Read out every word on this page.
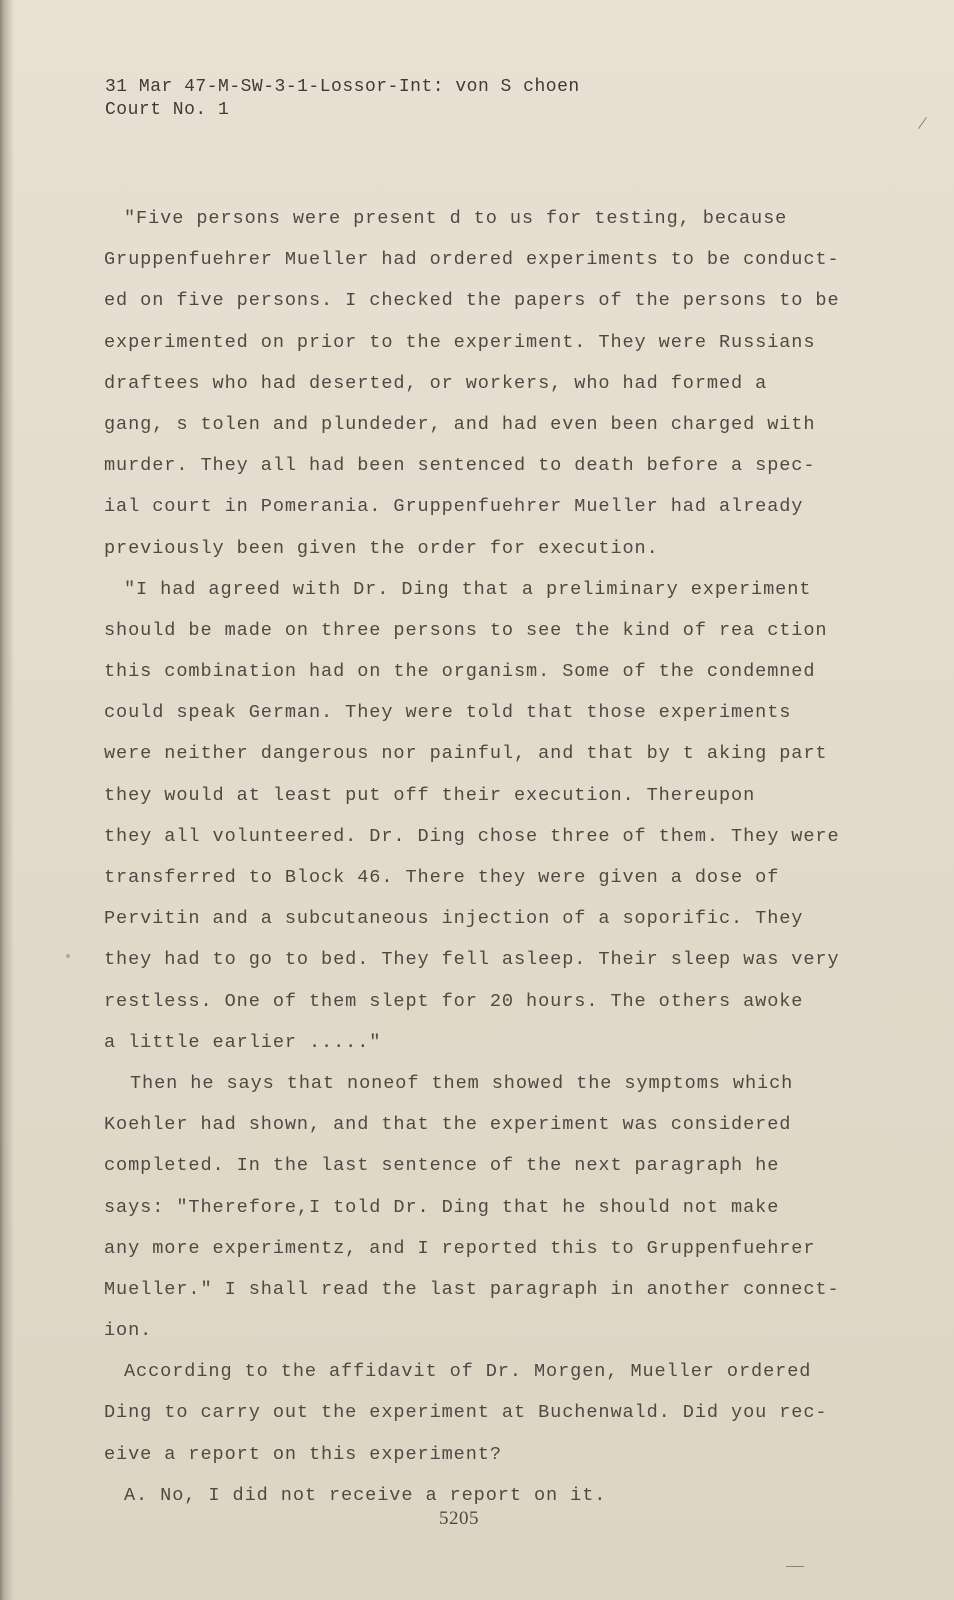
31 Mar 47-M-SW-3-1-Lossor-Int: von S choen
Court No. 1
"Five persons were present d to us for testing, because
Gruppenfuehrer Mueller had ordered experiments to be conduct-
ed on five persons. I checked the papers of the persons to be
experimented on prior to the experiment. They were Russians
draftees who had deserted, or workers, who had formed a
gang, s tolen and plundeder, and had even been charged with
murder. They all had been sentenced to death before a spec-
ial court in Pomerania. Gruppenfuehrer Mueller had already
previously been given the order for execution.
"I had agreed with Dr. Ding that a preliminary experiment
should be made on three persons to see the kind of rea ction
this combination had on the organism. Some of the condemned
could speak German. They were told that those experiments
were neither dangerous nor painful, and that by t aking part
they would at least put off their execution. Thereupon
they all volunteered. Dr. Ding chose three of them. They were
transferred to Block 46. There they were given a dose of
Pervitin and a subcutaneous injection of a soporific. They
they had to go to bed. They fell asleep. Their sleep was very
restless. One of them slept for 20 hours. The others awoke
a little earlier ....."
Then he says that noneof them showed the symptoms which
Koehler had shown, and that the experiment was considered
completed. In the last sentence of the next paragraph he
says: "Therefore,I told Dr. Ding that he should not make
any more experimentz, and I reported this to Gruppenfuehrer
Mueller." I shall read the last paragraph in another connect-
ion.
According to the affidavit of Dr. Morgen, Mueller ordered
Ding to carry out the experiment at Buchenwald. Did you rec-
eive a report on this experiment?
A. No, I did not receive a report on it.
5205
